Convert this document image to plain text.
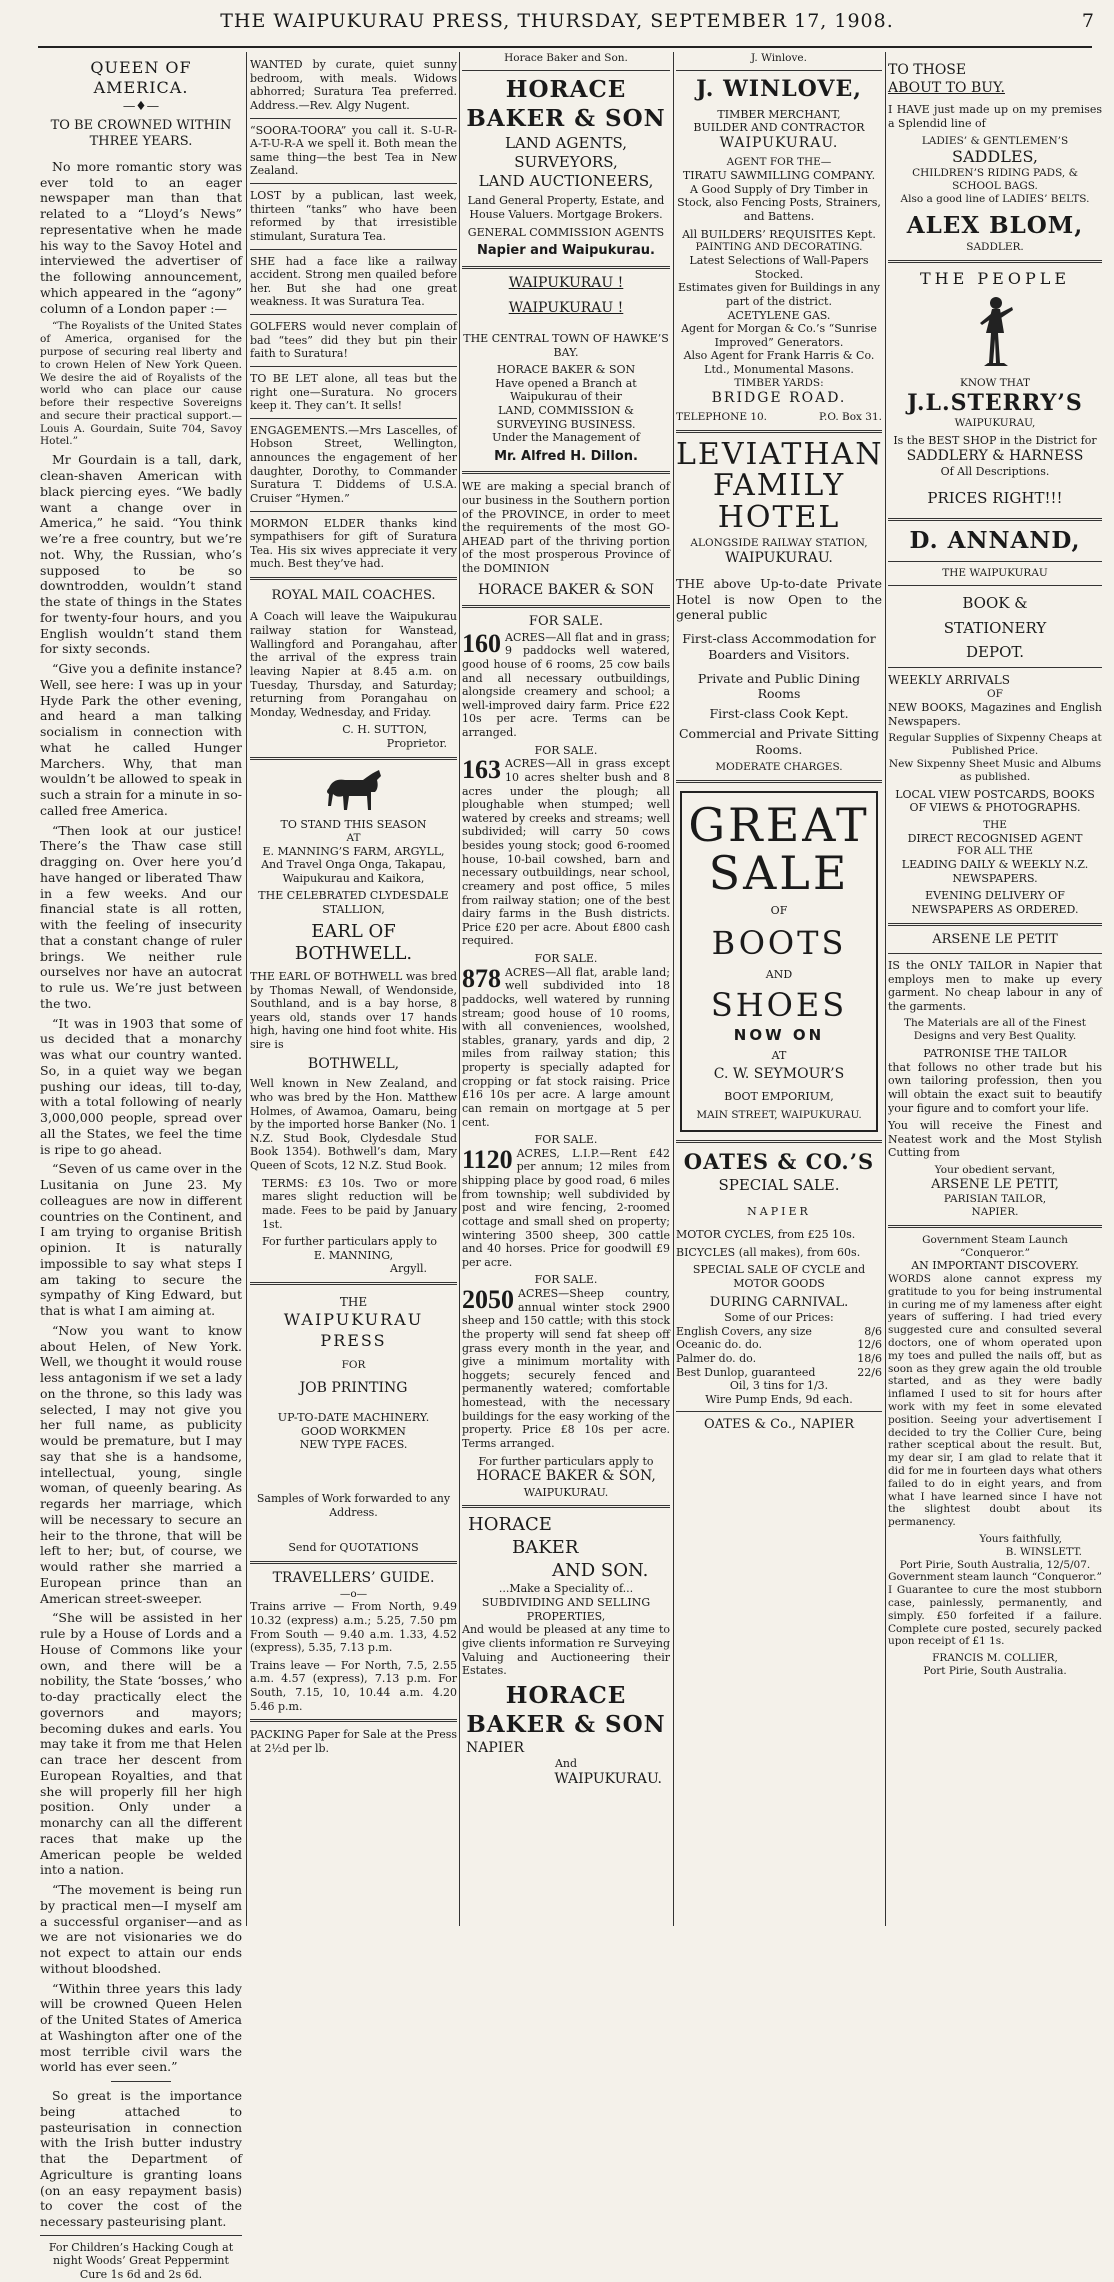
THE WAIPUKURAU PRESS, THURSDAY, SEPTEMBER 17, 1908.	7
QUEEN OF AMERICA.
—♦—
TO BE CROWNED WITHIN THREE YEARS.

No more romantic story was ever told to an eager newspaper man than that related to a “Lloyd’s News” representative when he made his way to the Savoy Hotel and interviewed the advertiser of the following announcement, which appeared in the “agony” column of a London paper :—

“The Royalists of the United States of America, organised for the purpose of securing real liberty and to crown Helen of New York Queen. We desire the aid of Royalists of the world who can place our cause before their respective Sovereigns and secure their practical support.—Louis A. Gourdain, Suite 704, Savoy Hotel.”

Mr Gourdain is a tall, dark, clean-shaven American with black piercing eyes. “We badly want a change over in America,” he said. “You think we’re a free country, but we’re not. Why, the Russian, who’s supposed to be so downtrodden, wouldn’t stand the state of things in the States for twenty-four hours, and you English wouldn’t stand them for sixty seconds.

“Give you a definite instance? Well, see here: I was up in your Hyde Park the other evening, and heard a man talking socialism in connection with what he called Hunger Marchers. Why, that man wouldn’t be allowed to speak in such a strain for a minute in so-called free America.

“Then look at our justice! There’s the Thaw case still dragging on. Over here you’d have hanged or liberated Thaw in a few weeks. And our financial state is all rotten, with the feeling of insecurity that a constant change of ruler brings. We neither rule ourselves nor have an autocrat to rule us. We’re just between the two.

“It was in 1903 that some of us decided that a monarchy was what our country wanted. So, in a quiet way we began pushing our ideas, till to-day, with a total following of nearly 3,000,000 people, spread over all the States, we feel the time is ripe to go ahead.

“Seven of us came over in the Lusitania on June 23. My colleagues are now in different countries on the Continent, and I am trying to organise British opinion. It is naturally impossible to say what steps I am taking to secure the sympathy of King Edward, but that is what I am aiming at.

“Now you want to know about Helen, of New York. Well, we thought it would rouse less antagonism if we set a lady on the throne, so this lady was selected, I may not give you her full name, as publicity would be premature, but I may say that she is a handsome, intellectual, young, single woman, of queenly bearing. As regards her marriage, which will be necessary to secure an heir to the throne, that will be left to her; but, of course, we would rather she married a European prince than an American street-sweeper.

“She will be assisted in her rule by a House of Lords and a House of Commons like your own, and there will be a nobility, the State ‘bosses,’ who to-day practically elect the governors and mayors; becoming dukes and earls. You may take it from me that Helen can trace her descent from European Royalties, and that she will properly fill her high position. Only under a monarchy can all the different races that make up the American people be welded into a nation.

“The movement is being run by practical men—I myself am a successful organiser—and as we are not visionaries we do not expect to attain our ends without bloodshed.

“Within three years this lady will be crowned Queen Helen of the United States of America at Washington after one of the most terrible civil wars the world has ever seen.”

So great is the importance being attached to pasteurisation in connection with the Irish butter industry that the Department of Agriculture is granting loans (on an easy repayment basis) to cover the cost of the necessary pasteurising plant.

For Children’s Hacking Cough at night Woods’ Great Peppermint Cure 1s 6d and 2s 6d.

WANTED by curate, quiet sunny bedroom, with meals. Widows abhorred; Suratura Tea preferred. Address.—Rev. Algy Nugent.

“SOORA-TOORA” you call it. S-U-R-A-T-U-R-A we spell it. Both mean the same thing—the best Tea in New Zealand.

LOST by a publican, last week, thirteen “tanks” who have been reformed by that irresistible stimulant, Suratura Tea.

SHE had a face like a railway accident. Strong men quailed before her. But she had one great weakness. It was Suratura Tea.

GOLFERS would never complain of bad “tees” did they but pin their faith to Suratura!

TO BE LET alone, all teas but the right one—Suratura. No grocers keep it. They can’t. It sells!

ENGAGEMENTS.—Mrs Lascelles, of Hobson Street, Wellington, announces the engagement of her daughter, Dorothy, to Commander Suratura T. Diddems of U.S.A. Cruiser “Hymen.”

MORMON ELDER thanks kind sympathisers for gift of Suratura Tea. His six wives appreciate it very much. Best they’ve had.

ROYAL MAIL COACHES.

A Coach will leave the Waipukurau railway station for Wanstead, Wallingford and Porangahau, after the arrival of the express train leaving Napier at 8.45 a.m. on Tuesday, Thursday, and Saturday; returning from Porangahau on Monday, Wednesday, and Friday.

C. H. SUTTON,
Proprietor.
TO STAND THIS SEASON
AT
E. MANNING’S FARM, ARGYLL,
And Travel Onga Onga, Takapau, Waipukurau and Kaikora,
THE CELEBRATED CLYDESDALE STALLION,
EARL OF BOTHWELL.

THE EARL OF BOTHWELL was bred by Thomas Newall, of Wendonside, Southland, and is a bay horse, 8 years old, stands over 17 hands high, having one hind foot white. His sire is

BOTHWELL,

Well known in New Zealand, and who was bred by the Hon. Matthew Holmes, of Awamoa, Oamaru, being by the imported horse Banker (No. 1 N.Z. Stud Book, Clydesdale Stud Book 1354). Bothwell’s dam, Mary Queen of Scots, 12 N.Z. Stud Book.

TERMS: £3 10s. Two or more mares slight reduction will be made. Fees to be paid by January 1st.

For further particulars apply to
E. MANNING,
Argyll.
THE
WAIPUKURAU PRESS
FOR
JOB PRINTING
UP-TO-DATE MACHINERY.
GOOD WORKMEN
NEW TYPE FACES.
Samples of Work forwarded to any Address.
Send for QUOTATIONS
TRAVELLERS’ GUIDE.
—o—

Trains arrive — From North, 9.49 10.32 (express) a.m.; 5.25, 7.50 pm From South — 9.40 a.m. 1.33, 4.52 (express), 5.35, 7.13 p.m.

Trains leave — For North, 7.5, 2.55 a.m. 4.57 (express), 7.13 p.m. For South, 7.15, 10, 10.44 a.m. 4.20 5.46 p.m.

PACKING Paper for Sale at the Press at 2½d per lb.

Horace Baker and Son.
HORACE
BAKER & SON
LAND AGENTS,
SURVEYORS,
LAND AUCTIONEERS,
Land General Property, Estate, and House Valuers. Mortgage Brokers.
GENERAL COMMISSION AGENTS
Napier and Waipukurau.
WAIPUKURAU !
WAIPUKURAU !
THE CENTRAL TOWN OF HAWKE’S BAY.
HORACE BAKER & SON
Have opened a Branch at Waipukurau of their
LAND, COMMISSION & SURVEYING BUSINESS.
Under the Management of
Mr. Alfred H. Dillon.

WE are making a special branch of our business in the Southern portion of the PROVINCE, in order to meet the requirements of the most GO-AHEAD part of the thriving portion of the most prosperous Province of the DOMINION

HORACE BAKER & SON
FOR SALE.

160 ACRES—All flat and in grass; 9 paddocks well watered, good house of 6 rooms, 25 cow bails and all necessary outbuildings, alongside creamery and school; a well-improved dairy farm. Price £22 10s per acre. Terms can be arranged.

FOR SALE.

163 ACRES—All in grass except 10 acres shelter bush and 8 acres under the plough; all ploughable when stumped; well watered by creeks and streams; well subdivided; will carry 50 cows besides young stock; good 6-roomed house, 10-bail cowshed, barn and necessary outbuildings, near school, creamery and post office, 5 miles from railway station; one of the best dairy farms in the Bush districts. Price £20 per acre. About £800 cash required.

FOR SALE.

878 ACRES—All flat, arable land; well subdivided into 18 paddocks, well watered by running stream; good house of 10 rooms, with all conveniences, woolshed, stables, granary, yards and dip, 2 miles from railway station; this property is specially adapted for cropping or fat stock raising. Price £16 10s per acre. A large amount can remain on mortgage at 5 per cent.

FOR SALE.

1120 ACRES, L.I.P.—Rent £42 per annum; 12 miles from shipping place by good road, 6 miles from township; well subdivided by post and wire fencing, 2-roomed cottage and small shed on property; wintering 3500 sheep, 300 cattle and 40 horses. Price for goodwill £9 per acre.

FOR SALE.

2050 ACRES—Sheep country, annual winter stock 2900 sheep and 150 cattle; with this stock the property will send fat sheep off grass every month in the year, and give a minimum mortality with hoggets; securely fenced and permanently watered; comfortable homestead, with the necessary buildings for the easy working of the property. Price £8 10s per acre. Terms arranged.

For further particulars apply to
HORACE BAKER & SON,
WAIPUKURAU.
HORACE
BAKER
AND SON.
...Make a Speciality of...
SUBDIVIDING AND SELLING PROPERTIES,

And would be pleased at any time to give clients information re Surveying Valuing and Auctioneering their Estates.

HORACE
BAKER & SON
NAPIER
And
WAIPUKURAU.
J. Winlove.
J. WINLOVE,
TIMBER MERCHANT,
BUILDER AND CONTRACTOR
WAIPUKURAU.
AGENT FOR THE—
TIRATU SAWMILLING COMPANY.

A Good Supply of Dry Timber in Stock, also Fencing Posts, Strainers, and Battens.

All BUILDERS’ REQUISITES Kept.
PAINTING AND DECORATING.
Latest Selections of Wall-Papers Stocked.
Estimates given for Buildings in any part of the district.
ACETYLENE GAS.
Agent for Morgan & Co.’s “Sunrise Improved” Generators.
Also Agent for Frank Harris & Co. Ltd., Monumental Masons.
TIMBER YARDS:
BRIDGE ROAD.
TELEPHONE 10.	P.O. Box 31.
LEVIATHAN
FAMILY
HOTEL
ALONGSIDE RAILWAY STATION,
WAIPUKURAU.

THE above Up-to-date Private Hotel is now Open to the general public

First-class Accommodation for Boarders and Visitors.

Private and Public Dining Rooms

First-class Cook Kept.

Commercial and Private Sitting Rooms.

MODERATE CHARGES.
GREAT
SALE
OF
BOOTS
AND
SHOES
NOW ON
AT
C. W. SEYMOUR’S
BOOT EMPORIUM,
MAIN STREET, WAIPUKURAU.
OATES & CO.’S
SPECIAL SALE.
NAPIER

MOTOR CYCLES, from £25 10s.

BICYCLES (all makes), from 60s.

SPECIAL SALE OF CYCLE and MOTOR GOODS

DURING CARNIVAL.
Some of our Prices:
English Covers, any size	8/6
Oceanic do. do.	12/6
Palmer do. do.	18/6
Best Dunlop, guaranteed	22/6
Oil, 3 tins for 1/3.
Wire Pump Ends, 9d each.
OATES & Co., NAPIER
TO THOSE
ABOUT TO BUY.

I HAVE just made up on my premises a Splendid line of

LADIES’ & GENTLEMEN’S
SADDLES,
CHILDREN’S RIDING PADS, & SCHOOL BAGS.
Also a good line of LADIES’ BELTS.
ALEX BLOM,
SADDLER.
THE PEOPLE
KNOW THAT
J.L.STERRY’S
WAIPUKURAU,
Is the BEST SHOP in the District for
SADDLERY & HARNESS
Of All Descriptions.
PRICES RIGHT!!!
D. ANNAND,
THE WAIPUKURAU
BOOK &
STATIONERY
DEPOT.
WEEKLY ARRIVALS
OF

NEW BOOKS, Magazines and English Newspapers.

Regular Supplies of Sixpenny Cheaps at Published Price.
New Sixpenny Sheet Music and Albums as published.
LOCAL VIEW POSTCARDS, BOOKS OF VIEWS & PHOTOGRAPHS.
THE
DIRECT RECOGNISED AGENT
FOR ALL THE
LEADING DAILY & WEEKLY N.Z. NEWSPAPERS.
EVENING DELIVERY OF NEWSPAPERS AS ORDERED.
ARSENE LE PETIT

IS the ONLY TAILOR in Napier that employs men to make up every garment. No cheap labour in any of the garments.

The Materials are all of the Finest Designs and very Best Quality.

PATRONISE THE TAILOR

that follows no other trade but his own tailoring profession, then you will obtain the exact suit to beautify your figure and to comfort your life.

You will receive the Finest and Neatest work and the Most Stylish Cutting from

Your obedient servant,
ARSENE LE PETIT,
PARISIAN TAILOR,
NAPIER.
Government Steam Launch “Conqueror.”
AN IMPORTANT DISCOVERY.

WORDS alone cannot express my gratitude to you for being instrumental in curing me of my lameness after eight years of suffering. I had tried every suggested cure and consulted several doctors, one of whom operated upon my toes and pulled the nails off, but as soon as they grew again the old trouble started, and as they were badly inflamed I used to sit for hours after work with my feet in some elevated position. Seeing your advertisement I decided to try the Collier Cure, being rather sceptical about the result. But, my dear sir, I am glad to relate that it did for me in fourteen days what others failed to do in eight years, and from what I have learned since I have not the slightest doubt about its permanency.

Yours faithfully,
B. WINSLETT.
Port Pirie, South Australia, 12/5/07.
Government steam launch “Conqueror.”

I Guarantee to cure the most stubborn case, painlessly, permanently, and simply. £50 forfeited if a failure. Complete cure posted, securely packed upon receipt of £1 1s.

FRANCIS M. COLLIER,
Port Pirie, South Australia.
